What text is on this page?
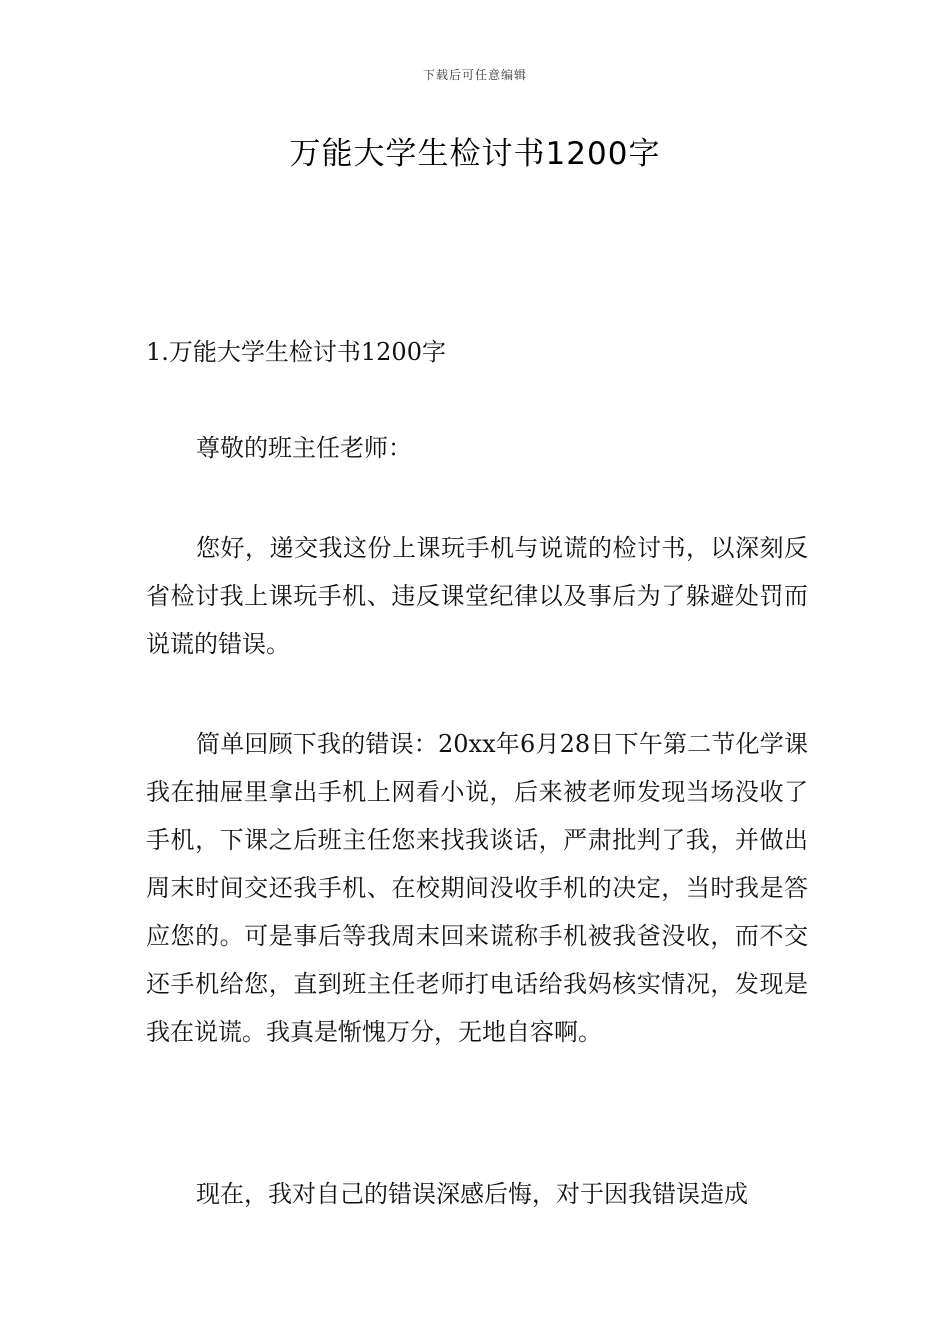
下载后可任意编辑
万能大学生检讨书1200字

1.万能大学生检讨书1200字

尊敬的班主任老师：

您好，递交我这份上课玩手机与说谎的检讨书，以深刻反省检讨我上课玩手机、违反课堂纪律以及事后为了躲避处罚而说谎的错误。

简单回顾下我的错误：20xx年6月28日下午第二节化学课我在抽屉里拿出手机上网看小说，后来被老师发现当场没收了手机，下课之后班主任您来找我谈话，严肃批判了我，并做出周末时间交还我手机、在校期间没收手机的决定，当时我是答应您的。可是事后等我周末回来谎称手机被我爸没收，而不交还手机给您，直到班主任老师打电话给我妈核实情况，发现是我在说谎。我真是惭愧万分，无地自容啊。

现在，我对自己的错误深感后悔，对于因我错误造成
